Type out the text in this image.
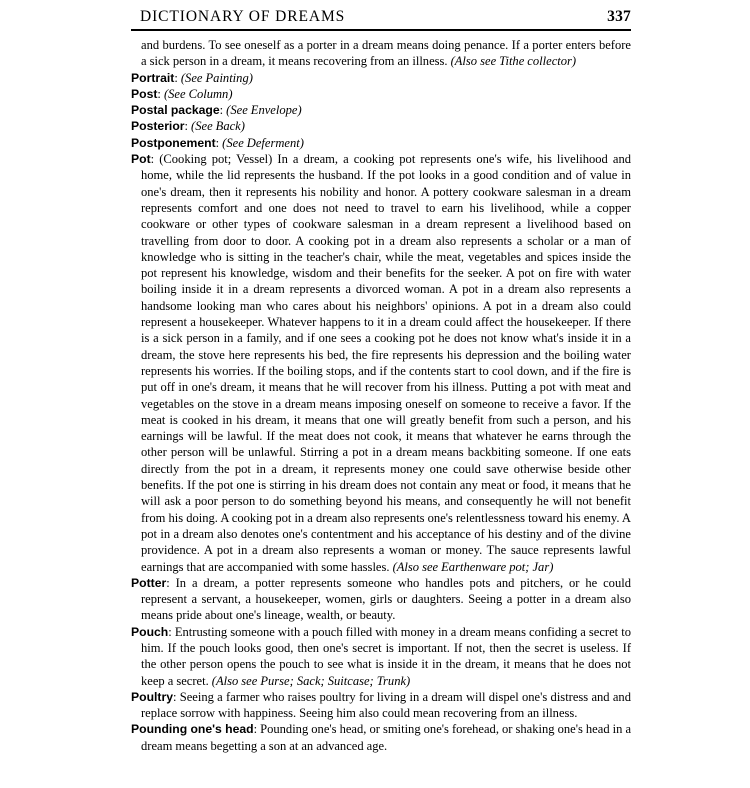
DICTIONARY OF DREAMS	337

and burdens. To see oneself as a porter in a dream means doing penance. If a porter enters before a sick person in a dream, it means recovering from an illness. (Also see Tithe collector)

Portrait: (See Painting)

Post: (See Column)

Postal package: (See Envelope)

Posterior: (See Back)

Postponement: (See Deferment)

Pot: (Cooking pot; Vessel) In a dream, a cooking pot represents one's wife, his livelihood and home, while the lid represents the husband. If the pot looks in a good condition and of value in one's dream, then it represents his nobility and honor. A pottery cookware salesman in a dream represents comfort and one does not need to travel to earn his livelihood, while a copper cookware or other types of cookware salesman in a dream represent a livelihood based on travelling from door to door. A cooking pot in a dream also represents a scholar or a man of knowledge who is sitting in the teacher's chair, while the meat, vegetables and spices inside the pot represent his knowledge, wisdom and their benefits for the seeker. A pot on fire with water boiling inside it in a dream represents a divorced woman. A pot in a dream also represents a handsome looking man who cares about his neighbors' opinions. A pot in a dream also could represent a housekeeper. Whatever happens to it in a dream could affect the housekeeper. If there is a sick person in a family, and if one sees a cooking pot he does not know what's inside it in a dream, the stove here represents his bed, the fire represents his depression and the boiling water represents his worries. If the boiling stops, and if the contents start to cool down, and if the fire is put off in one's dream, it means that he will recover from his illness. Putting a pot with meat and vegetables on the stove in a dream means imposing oneself on someone to receive a favor. If the meat is cooked in his dream, it means that one will greatly benefit from such a person, and his earnings will be lawful. If the meat does not cook, it means that whatever he earns through the other person will be unlawful. Stirring a pot in a dream means backbiting someone. If one eats directly from the pot in a dream, it represents money one could save otherwise beside other benefits. If the pot one is stirring in his dream does not contain any meat or food, it means that he will ask a poor person to do something beyond his means, and consequently he will not benefit from his doing. A cooking pot in a dream also represents one's relentlessness toward his enemy. A pot in a dream also denotes one's contentment and his acceptance of his destiny and of the divine providence. A pot in a dream also represents a woman or money. The sauce represents lawful earnings that are accompanied with some hassles. (Also see Earthenware pot; Jar)

Potter: In a dream, a potter represents someone who handles pots and pitchers, or he could represent a servant, a housekeeper, women, girls or daughters. Seeing a potter in a dream also means pride about one's lineage, wealth, or beauty.

Pouch: Entrusting someone with a pouch filled with money in a dream means confiding a secret to him. If the pouch looks good, then one's secret is important. If not, then the secret is useless. If the other person opens the pouch to see what is inside it in the dream, it means that he does not keep a secret. (Also see Purse; Sack; Suitcase; Trunk)

Poultry: Seeing a farmer who raises poultry for living in a dream will dispel one's distress and and replace sorrow with happiness. Seeing him also could mean recovering from an illness.

Pounding one's head: Pounding one's head, or smiting one's forehead, or shaking one's head in a dream means begetting a son at an advanced age.
